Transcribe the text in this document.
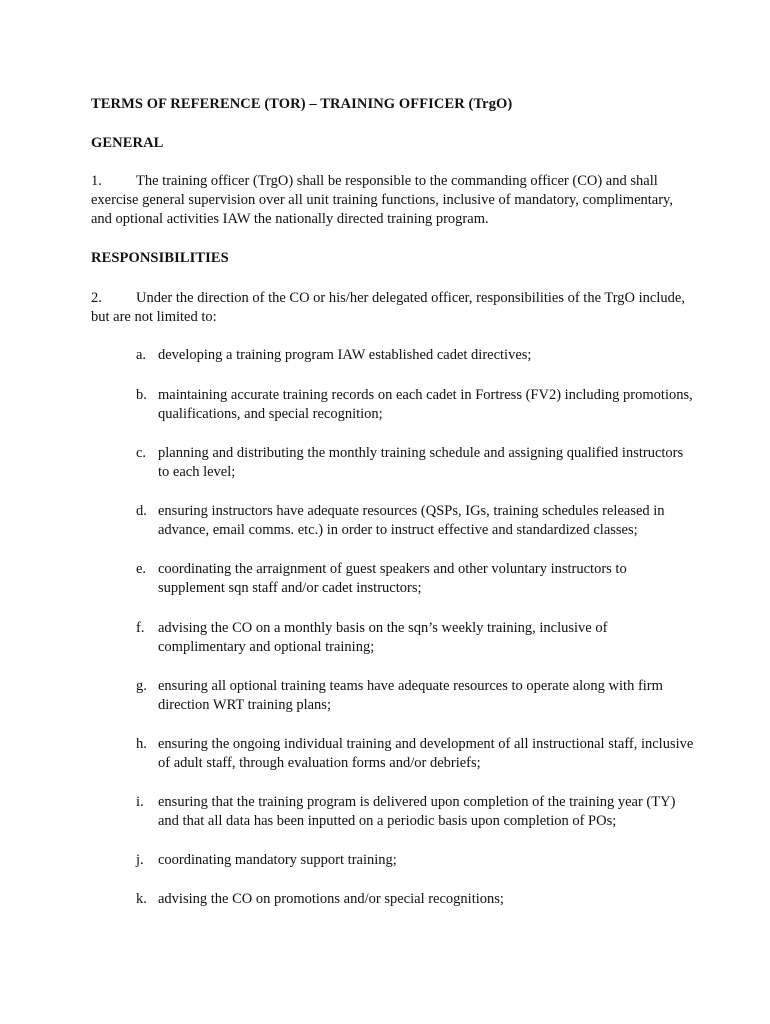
TERMS OF REFERENCE (TOR) – TRAINING OFFICER (TrgO)
GENERAL
1. The training officer (TrgO) shall be responsible to the commanding officer (CO) and shall exercise general supervision over all unit training functions, inclusive of mandatory, complimentary, and optional activities IAW the nationally directed training program.
RESPONSIBILITIES
2. Under the direction of the CO or his/her delegated officer, responsibilities of the TrgO include, but are not limited to:
a. developing a training program IAW established cadet directives;
b. maintaining accurate training records on each cadet in Fortress (FV2) including promotions, qualifications, and special recognition;
c. planning and distributing the monthly training schedule and assigning qualified instructors to each level;
d. ensuring instructors have adequate resources (QSPs, IGs, training schedules released in advance, email comms. etc.) in order to instruct effective and standardized classes;
e. coordinating the arraignment of guest speakers and other voluntary instructors to supplement sqn staff and/or cadet instructors;
f. advising the CO on a monthly basis on the sqn’s weekly training, inclusive of complimentary and optional training;
g. ensuring all optional training teams have adequate resources to operate along with firm direction WRT training plans;
h. ensuring the ongoing individual training and development of all instructional staff, inclusive of adult staff, through evaluation forms and/or debriefs;
i. ensuring that the training program is delivered upon completion of the training year (TY) and that all data has been inputted on a periodic basis upon completion of POs;
j. coordinating mandatory support training;
k. advising the CO on promotions and/or special recognitions;
